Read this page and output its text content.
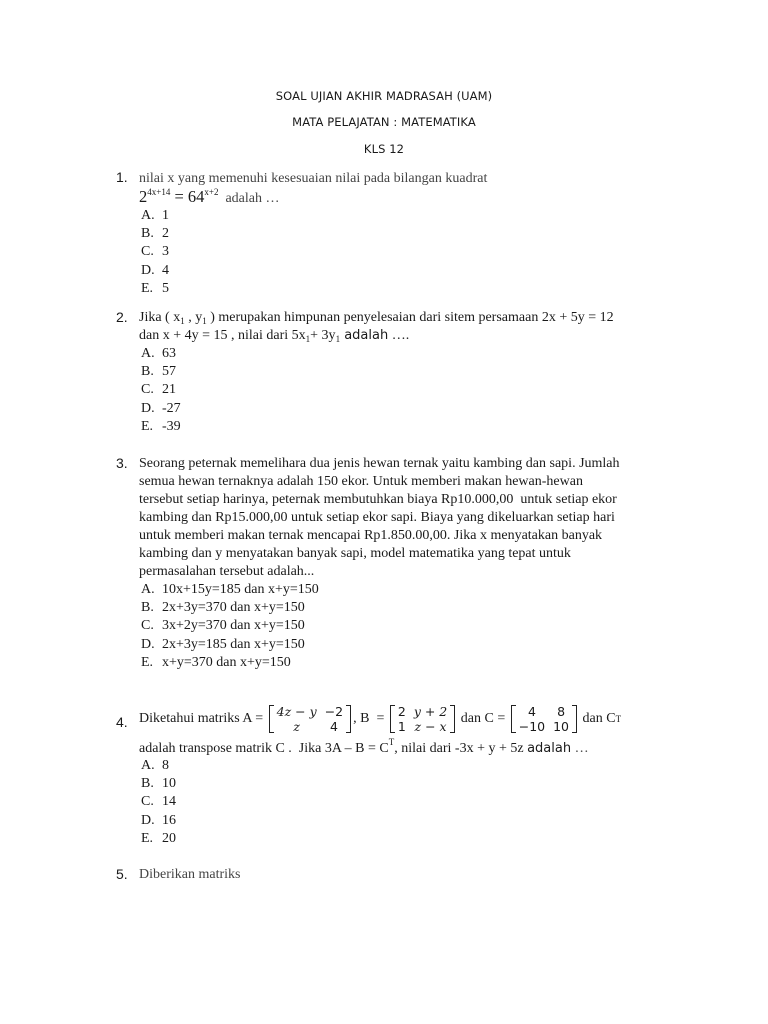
SOAL UJIAN AKHIR MADRASAH (UAM)
MATA PELAJATAN : MATEMATIKA
KLS 12
1. nilai x yang memenuhi kesesuaian nilai pada bilangan kuadrat
$2^{4x+14} = 64^{x+2}$  adalah …
A. 1
B. 2
C. 3
D. 4
E. 5
2. Jika ( $x_1$ , $y_1$ ) merupakan himpunan penyelesaian dari sitem persamaan 2x + 5y = 12
dan x + 4y = 15 , nilai dari $5x_1+ 3y_1$ adalah ….
A. 63
B. 57
C. 21
D. -27
E. -39
3. Seorang peternak memelihara dua jenis hewan ternak yaitu kambing dan sapi. Jumlah
semua hewan ternaknya adalah 150 ekor. Untuk memberi makan hewan-hewan
tersebut setiap harinya, peternak membutuhkan biaya Rp10.000,00  untuk setiap ekor
kambing dan Rp15.000,00 untuk setiap ekor sapi. Biaya yang dikeluarkan setiap hari
untuk memberi makan ternak mencapai Rp1.850.00,00. Jika x menyatakan banyak
kambing dan y menyatakan banyak sapi, model matematika yang tepat untuk
permasalahan tersebut adalah...
A. 10x+15y=185 dan x+y=150
B. 2x+3y=370 dan x+y=150
C. 3x+2y=370 dan x+y=150
D. 2x+3y=185 dan x+y=150
E. x+y=370 dan x+y=150
4. Diketahui matriks A = 4z − y	−2
z	4
, B  = 2	y + 2
1	z − x
dan C = 4	8
−10	10
dan CT
adalah transpose matrik C .  Jika $3A - B = C^T$, nilai dari -3x + y + 5z adalah …
A. 8
B. 10
C. 14
D. 16
E. 20
5. Diberikan matriks
